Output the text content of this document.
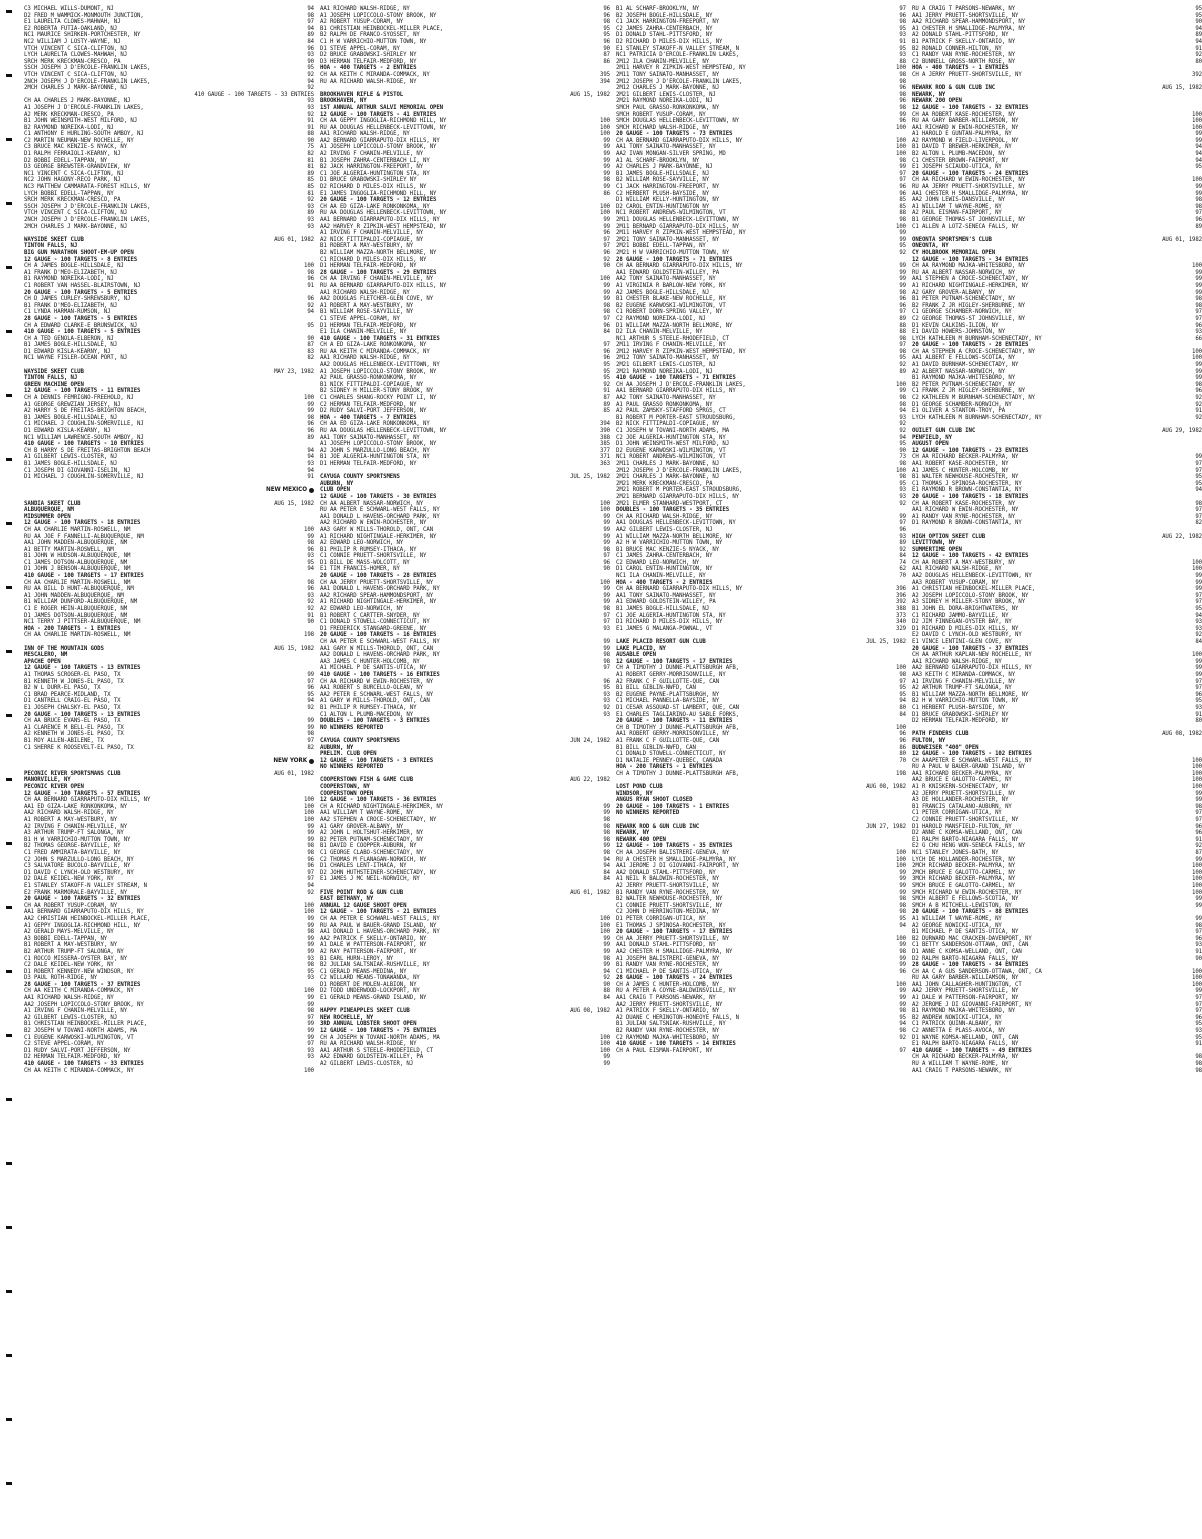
C3 MICHAEL WILLS-DUMONT, NJ	94
D2 FRED M WAMMICK-MONMOUTH JUNCTION,	98
E1 LAURELTA CLOWES-MAHWAH, NJ	97
E2 ROBERTA FUTIA-OAKLAND, NJ	94
NC1 MAURICE SHIRKEN-PORTCHESTER, NY	89
NC2 WILLIAM J LOSTY-WAYNE, NJ	84
VTCH VINCENT C SICA-CLIFTON, NJ	96
LYCH LAURELTA CLOWES-MAHWAH, NJ	93
SRCH MERK KRECKMAN-CRESCO, PA	90
SSCH JOSEPH J D'ERCOLE-FRANKLIN LAKES,	95
VTCH VINCENT C SICA-CLIFTON, NJ	92
2NCH JOSEPH J D'ERCOLE-FRANKLIN LAKES,	94
2MCH CHARLES J MARK-BAYONNE, NJ	92
410 GAUGE - 100 TARGETS - 33 ENTRIES
CH AA CHARLES J MARK-BAYONNE, NJ	93
A1 JOSEPH J D'ERCOLE-FRANKLIN LAKES,	93
A2 MERK KRECKMAN-CRESCO, PA	92
B1 JOHN WEINSMITH-WEST MILFORD, NJ	91
B2 RAYMOND NOREIKA-LODI, NJ	91
C1 ANTHONY E HURLING-SOUTH AMBOY, NJ	88
C2 MARTIN NEUMAN-NEW ROCHELLE, NY	90
C3 BRUCE MAC KENZIE-S NYACK, NY	75
D1 RALPH FERRAIOLI-KEARNY, NJ	82
D2 BOBBI EDELL-TAPPAN, NY	81
D3 GEORGE BREWSTER-GRANDVIEW, NY	81
NC1 VINCENT C SICA-CLIFTON, NJ	89
NC2 JOHN HAGONY-RECO PARK, NJ	85
NC3 MATTHEW CAMMARATA-FOREST HILLS, NY	85
LYCH BOBBI EDELL-TAPPAN, NY	81
SRCH MERK KRECKMAN-CRESCO, PA	92
SSCH JOSEPH J D'ERCOLE-FRANKLIN LAKES,	93
VTCH VINCENT C SICA-CLIFTON, NJ	89
2NCH JOSEPH J D'ERCOLE-FRANKLIN LAKES,	93
2MCH CHARLES J MARK-BAYONNE, NJ	93
WAYSIDE SKEET CLUB	AUG 01, 1982
TINTON FALLS, NJ
BIG GUN MARATHON SHOOT-EM-UP OPEN
12 GAUGE - 100 TARGETS - 8 ENTRIES
CH A JAMES BOGLE-HILLSDALE, NJ	100
A1 FRANK D'MEO-ELIZABETH, NJ	98
B1 RAYMOND NOREIKA-LODI, NJ	96
C1 ROBERT VAN HASSEL-BLAIRSTOWN, NJ	91
20 GAUGE - 100 TARGETS - 5 ENTRIES
CH D JAMES CURLEY-SHREWSBURY, NJ	96
B1 FRANK D'MEO-ELIZABETH, NJ	92
C1 LYNDA HARMAN-RUMSON, NJ	94
28 GAUGE - 100 TARGETS - 5 ENTRIES
CH A EDWARD CLARKE-E BRUNSWICK, NJ	95
410 GAUGE - 100 TARGETS - 5 ENTRIES
CH A TED GENOLA-ELBERON, NJ	90
B1 JAMES BOGLE-HILLSDALE, NJ	87
D1 EDWARD KISLA-KEARNY, NJ	83
NC1 WAYNE FISLER-OCEAN PORT, NJ	82
WAYSIDE SKEET CLUB	MAY 23, 1982
TINTON FALLS, NJ
GREEN MACHINE OPEN
12 GAUGE - 100 TARGETS - 11 ENTRIES
CH A DENNIS FEMRIGNO-FREEHOLD, NJ	100
A1 GEORGE GREWZIAN JERSEY, NJ	99
A2 HARRY S DE FREITAS-BRIGHTON BEACH,	99
B1 JAMES BOGLE-HILLSDALE, NJ	98
C1 MICHAEL J COUGHLIN-SOMERVILLE, NJ	96
D1 EDWARD KISLA-KEARNY, NJ	96
NC1 WILLIAM LAWRENCE-SOUTH AMBOY, NJ	89
410 GAUGE - 100 TARGETS - 10 ENTRIES
CH B HARRY S DE FREITAS-BRIGHTON BEACH	94
A1 GILBERT LEWIS-CLOSTER, NJ	94
B1 JAMES BOGLE-HILLSDALE, NJ	93
C1 JOSEPH DI GIOVANNI-ISELIN, NJ	94
D1 MICHAEL J COUGHLIN-SOMERVILLE, NJ	91
NEW MEXICO
SANDIA SKEET CLUB	AUG 15, 1982
ALBUQUERQUE, NM
MIDSUMMER OPEN
12 GAUGE - 100 TARGETS - 18 ENTRIES
CH AA CHARLIE MARTIN-ROSWELL, NM	100
RU AA JOE F FANNELLI-ALBUQUERQUE, NM	99
AA1 JOHN MADDEN-ALBUQUERQUE, NM	98
A1 BETTY MARTIN-ROSWELL, NM	96
B1 JOHN W HUDSON-ALBUQUERQUE, NM	93
C1 JAMES DOTSON-ALBUQUERQUE, NM	95
D1 JOHN J BENSON-ALBUQUERQUE, NM	94
410 GAUGE - 100 TARGETS - 17 ENTRIES
CH AA CHARLIE MARTIN-ROSWELL, NM	98
RU AA BILL D HUNT-ALBUQUERQUE, NM	96
A1 JOHN MADDEN-ALBUQUERQUE, NM	93
B1 WILLIAM DUNFORD-ALBUQUERQUE, NM	92
C1 E ROGER HEIN-ALBUQUERQUE, NM	92
D1 JAMES DOTSON-ALBUQUERQUE, NM	91
NC1 TERRY J PITTSER-ALBUQUERQUE, NM	90
HOA - 200 TARGETS - 1 ENTRIES
CH AA CHARLIE MARTIN-ROSWELL, NM	198
INN OF THE MOUNTAIN GODS	AUG 15, 1982
MESCALERO, NM
APACHE OPEN
12 GAUGE - 100 TARGETS - 13 ENTRIES
A1 THOMAS SCROGER-EL PASO, TX	99
B1 KENNETH W JONES-EL PASO, TX	97
B2 W L DURR-EL PASO, TX	96
C1 BRAD PEARCE-MIDLAND, TX	95
D1 CANTRELL CRAIG-EL PASO, TX	94
E1 JOSEPH CHALSKY-EL PASO, TX	92
20 GAUGE - 100 TARGETS - 13 ENTRIES
CH AA BRUCE EVANS-EL PASO, TX	99
A1 CLARENCE M BELL-EL PASO, TX	99
A2 KENNETH W JONES-EL PASO, TX	98
B1 ROY ALLEN-ABILENE, TX	97
C1 SHERRE K ROOSEVELT-EL PASO, TX	82
NEW YORK
PECONIC RIVER SPORTSMANS CLUB	AUG 01, 1982
MANORVILLE, NY
PECONIC RIVER OPEN
12 GAUGE - 100 TARGETS - 57 ENTRIES
CH AA BERNARD GIARRAPUTO-DIX HILLS, NY	100
AA1 ED GIZA-LAKE RONKONKOMA, NY	100
AA2 RICHARD WALSH-RIDGE, NY	100
A1 ROBERT A MAY-WESTBURY, NY	100
A2 IRVING F CHANIN-MELVILLE, NY	99
A3 ARTHUR TRUMP-FT SALONGA, NY	99
B1 H W VARRICHIO-MUTTON TOWN, NY	99
B2 THOMAS GEORGE-BAYVILLE, NY	98
C1 FRED AMMIRATA-BAYVILLE, NY	98
C2 JOHN S MARZULLO-LONG BEACH, NY	96
C3 SALVATORE BUCOLO-BAYVILLE, NY	96
D1 DAVID C LYNCH-OLD WESTBURY, NY	97
D2 DALE KEIDEL-NEW YORK, NY	97
E1 STANLEY STAKOFF-N VALLEY STREAM, N	94
E2 FRANK MARMORALE-BAYVILLE, NY	92
20 GAUGE - 100 TARGETS - 32 ENTRIES
CH AA ROBERT YUSUP-CORAM, NY	100
AA1 BERNARD GIARRAPUTO-DIX HILLS, NY	100
AA2 CHRISTIAN HEINBOCKEL-MILLER PLACE,	99
A1 GEPPY INGOGLIA-RICHMOND HILL, NY	99
A2 GERALD MAYS-MELVILLE, NY	98
A3 BOBBI EDELL-TAPPAN, NY	99
B1 ROBERT A MAY-WESTBURY, NY	99
B2 ARTHUR TRUMP-FT SALONGA, NY	99
C1 ROCCO MISSERA-OYSTER BAY, NY	93
C2 DALE KEIDEL-NEW YORK, NY	98
D1 ROBERT KENNEDY-NEW WINDSOR, NY	95
D3 PAUL ROTH-RIDGE, NY	93
28 GAUGE - 100 TARGETS - 37 ENTRIES
CH AA KEITH C MIRANDA-COMMACK, NY	100
AA1 RICHARD WALSH-RIDGE, NY	99
AA2 JOSEPH LOPICCOLO-STONY BROOK, NY	99
A1 IRVING F CHANIN-MELVILLE, NY	98
A2 GILBERT LEWIS-CLOSTER, NJ	97
B1 CHRISTIAN HEINBOCKEL-MILLER PLACE,	99
B2 JOSEPH W TOVANI-NORTH ADAMS, MA	99
C1 EUGENE KARWOSKI-WILMINGTON, VT	99
C2 STEVE APPEL-CORAM, NY	97
D1 RUDY SALVI-PORT JEFFERSON, NY	93
D2 HERMAN TELFAIR-MEDFORD, NY	93
410 GAUGE - 100 TARGETS - 33 ENTRIES
CH AA KEITH C MIRANDA-COMMACK, NY	100
AA1 RICHARD WALSH-RIDGE, NY	96
A1 JOSEPH LOPICCOLO-STONY BROOK, NY	96
A2 ROBERT YUSUP-CORAM, NY	98
B1 CHRISTIAN HEINBOCKEL-MILLER PLACE,	95
B2 RALPH DE FRANCO-SYOSSET, NY	95
C1 H W VARRICHIO-MUTTON TOWN, NY	96
D1 STEVE APPEL-CORAM, NY	90
D2 BRUCE GRABOWSKI-SHIRLEY NY	87
D3 HERMAN TELFAIR-MEDFORD, NY	86
HOA - 400 TARGETS - 2 ENTRIES
CH AA KEITH C MIRANDA-COMMACK, NY	395
RU AA RICHARD WALSH-RIDGE, NY	394
BROOKHAVEN RIFLE & PISTOL	AUG 15, 1982
BROOKHAVEN, NY
1ST ANNUAL ARTHUR SALVI MEMORIAL OPEN
12 GAUGE - 100 TARGETS - 41 ENTRIES
CH AA GEPPY INGOGLIA-RICHMOND HILL, NY	100
RU AA DOUGLAS HELLENBECK-LEVITTOWN, NY	100
AA1 RICHARD WALSH-RIDGE, NY	100
AA2 BERNARD GIARRAPUTO-DIX HILLS, NY	99
A1 JOSEPH LOPICCOLO-STONY BROOK, NY	99
A2 IRVING F CHANIN-MELVILLE, NY	99
B1 JOSEPH ZAHRA-CENTERBACH LI, NY	99
B2 JACK HARRINGTON-FREEPORT, NY	99
C1 JOE ALGERIA-HUNTINGTON STA, NY	99
D1 BRUCE GRABOWSKI-SHIRLEY NY	98
D2 RICHARD D MILES-DIX HILLS, NY	99
E1 JAMES INGOGLIA-RICHMOND HILL, NY	86
20 GAUGE - 100 TARGETS - 12 ENTRIES
CH AA ED GIZA-LAKE RONKONKOMA, NY	100
RU AA DOUGLAS HELLENBECK-LEVITTOWN, NY	100
AA1 BERNARD GIARRAPUTO-DIX HILLS, NY	99
AA2 HARVEY R ZIPKIN-WEST HEMPSTEAD, NY	99
A1 IRVING F CHANIN-MELVILLE, NY	96
A2 NICK FITTIPALDI-COPIAGUE, NY	97
B1 ROBERT A MAY-WESTBURY, NY	97
B2 WILLIAM MAZZA-NORTH BELLMORE, NY	96
C1 RICHARD D MILES-DIX HILLS, NY	92
D1 HERMAN TELFAIR-MEDFORD, NY	90
28 GAUGE - 100 TARGETS - 29 ENTRIES
CH AA IRVING F CHANIN-MELVILLE, NY	100
RU AA BERNARD GIARRAPUTO-DIX HILLS, NY	99
AA1 RICHARD WALSH-RIDGE, NY	99
AA2 DOUGLAS FLETCHER-GLEN COVE, NY	99
A1 ROBERT A MAY-WESTBURY, NY	98
B1 WILLIAM ROSE-SAYVILLE, NY	98
C1 STEVE APPEL-CORAM, NY	97
D1 HERMAN TELFAIR-MEDFORD, NY	96
E1 ILA CHANIN-MELVILLE, NY	84
410 GAUGE - 100 TARGETS - 31 ENTRIES
CH A ED GIZA-LAKE RONKONKOMA, NY	97
RU AA KEITH C MIRANDA-COMMACK, NY	96
AA1 RICHARD WALSH-RIDGE, NY	96
AA2 DOUGLAS HELLENBECK-LEVITTOWN, NY	95
A1 JOSEPH LOPICCOLO-STONY BROOK, NY	95
A2 PAUL GRASSO-RONKONKOMA, NY	95
B1 NICK FITTIPALDI-COPIAGUE, NY	92
B2 SIDNEY H MILLER-STONY BROOK, NY	91
C1 CHARLES SHANG-ROCKY POINT LI, NY	87
C2 HERMAN TELFAIR-MEDFORD, NY	89
D2 RUDY SALVI-PORT JEFFERSON, NY	85
HOA - 400 TARGETS - 7 ENTRIES
CH AA ED GIZA-LAKE RONKONKOMA, NY	394
RU AA DOUGLAS HELLENBECK-LEVITTOWN, NY	390
AA1 TONY SAINATO-MANHASSET, NY	388
A1 JOSEPH LOPICCOLO-STONY BROOK, NY	385
A2 JOHN S MARZULLO-LONG BEACH, NY	377
B1 JOE ALGERIA-HUNTINGTON STA, NY	371
D1 HERMAN TELFAIR-MEDFORD, NY	363
CAYUGA COUNTY SPORTSMENS	JUL 25, 1982
AUBURN, NY
CLUB OPEN
12 GAUGE - 100 TARGETS - 30 ENTRIES
CH AA ALBERT NASSAR-NORWICH, NY	100
RU AA PETER E SCHWARL-WEST FALLS, NY	100
AA1 DONALD L HAVENS-ORCHARD PARK, NY	99
AA2 RICHARD W EWIN-ROCHESTER, NY	99
AA3 GARY W MILLS-THOROLD, ONT, CAN	99
A1 RICHARD NIGHTINGALE-HERKIMER, NY	99
A2 EDWARD LEO-NORWICH, NY	99
B1 PHILIP R RUMSEY-ITHACA, NY	98
C1 CONNIE PRUETT-SHORTSVILLE, NY	97
D1 BILL DE MASS-WOLCOTT, NY	96
E1 TIM FRANCIS-HOMER, NY	90
20 GAUGE - 100 TARGETS - 28 ENTRIES
CH AA JERRY PRUETT-SHORTSVILLE, NY	100
AA1 DONALD L HAVENS-ORCHARD PARK, NY	99
AA2 RICHARD SPEAR-HAMMONDSPORT, NY	99
A1 RICHARD NIGHTINGALE-HERKIMER, NY	99
A2 EDWARD LEO-NORWICH, NY	98
B1 ROBERT C CARTTER-SNYDER, NY	97
C1 DONALD STOWELL-CONNECTICUT, NY	97
D1 FREDERICK STANGARD-GREENE, NY	93
20 GAUGE - 100 TARGETS - 16 ENTRIES
CH AA PETER E SCHWARL-WEST FALLS, NY	99
AA1 GARY W MILLS-THOROLD, ONT, CAN	99
AA2 DONALD L HAVENS-ORCHARD PARK, NY	98
AA3 JAMES C HUNTER-HOLCOMB, NY	98
A1 MICHAEL P DE SANTIS-UTICA, NY	97
410 GAUGE - 100 TARGETS - 16 ENTRIES
CH AA RICHARD W EWIN-ROCHESTER, NY	96
AA1 ROBERT S BURCELLO-OLEAN, NY	95
AA2 PETER E SCHWARL-WEST FALLS, NY	93
A1 GARY W MILLS-THOROLD, ONT, CAN	93
B1 PHILIP R RUMSEY-ITHACA, NY	92
C1 ALTON L PLUMB-MACEDON, NY	93
DOUBLES - 100 TARGETS - 3 ENTRIES
NO WINNERS REPORTED
CAYUGA COUNTY SPORTSMENS	JUN 24, 1982
AUBURN, NY
PRELIM. CLUB OPEN
12 GAUGE - 100 TARGETS - 3 ENTRIES
NO WINNERS REPORTED
COOPERSTOWN FISH & GAME CLUB	AUG 22, 1982
COOPERSTOWN, NY
COOPERSTOWN OPEN
12 GAUGE - 100 TARGETS - 36 ENTRIES
CH A RICHARD NIGHTINGALE-HERKIMER, NY	99
AA1 WILLIAM T WAYNE-ROME, NY	99
AA2 STEPHEN A CROCE-SCHENECTADY, NY	98
A1 GARY GROVER-ALBANY, NY	98
A2 JOHN L HOLTSHUT-HERKIMER, NY	98
B2 PETER PUTNAM-SCHENECTADY, NY	98
B1 DAVID E COOPPER-AUBURN, NY	99
C1 GEORGE CLABO-SCHENECTADY, NY	98
C2 THOMAS M FLANAGAN-NORWICH, NY	94
D1 CHARLES LENT-ITHACA, NY	94
D2 JOHN HUTHSTEINER-SCHENECTADY, NY	84
E1 JAMES J MC NEIL-NORWICH, NY	84
FIVE POINT ROD & GUN CLUB	AUG 01, 1982
EAST BETHANY, NY
ANNUAL 12 GAUGE SHOOT OPEN
12 GAUGE - 100 TARGETS - 21 ENTRIES
CH AA PETER E SCHWARL-WEST FALLS, NY	100
RU AA PAUL W BAUER-GRAND ISLAND, NY	100
AA1 DONALD L HAVENS-ORCHARD PARK, NY	100
AA2 PATRICK F SKELLY-ONTARIO, NY	99
A1 DALE W PATTERSON-FAIRPORT, NY	99
A2 RAY PATTERSON-FAIRPORT, NY	99
B1 EARL HURN-LEROY, NY	98
B2 JULIAN SALTSNIAK-RUSHVILLE, NY	99
C1 GERALD MEANS-MEDINA, NY	94
C2 WILLARD MEANS-TONAWANDA, NY	92
D1 ROBERT DE MOLEN-ALBION, NY	90
D2 TODD UNDERWOOD-LOCKPORT, NY	88
E1 GERALD MEANS-GRAND ISLAND, NY	84
HAPPY PINEAPPLES SKEET CLUB	AUG 08, 1982
NEW ROCHELLE, NY
3RD ANNUAL LOBSTER SHOOT OPEN
12 GAUGE - 100 TARGETS - 75 ENTRIES
CH A JOSEPH W TOVANI-NORTH ADAMS, MA	100
RU AA RICHARD WALSH-RIDGE, NY	100
AA1 ARTHUR S STEELE-RHODEFIELD, CT	100
AA2 EDWARD GOLDSTEIN-WILLEY, PA	99
A2 GILBERT LEWIS-CLOSTER, NJ	99
B1 AL SCHARF-BROOKLYN, NY	97
B2 JOSEPH BOGLE-HILLSDALE, NY	96
C1 JACK HARRINGTON-FREEPORT, NY	98
C2 JAMES ZAHRA-CENTERBACH, NY	95
D1 DONALD STAHL-PITTSFORD, NY	93
D2 RICHARD D MILES-DIX HILLS, NY	91
E1 STANLEY STAKOFF-N VALLEY STREAM, N	95
NC1 PATRICIA D'ERCOLE-FRANKLIN LAKES,	93
2M12 ILA CHANIN-MELVILLE, NY	88
2M11 HARVEY R ZIPKIN-WEST HEMPSTEAD, NY	100
2M11 TONY SAINATO-MANHASSET, NY	98
2M12 JOSEPH J D'ERCOLE-FRANKLIN LAKES,	98
2M12 CHARLES J MARK-BAYONNE, NJ	96
2M21 GILBERT LEWIS-CLOSTER, NJ	98
2M21 RAYMOND NOREIKA-LODI, NJ	96
SMCH PAUL GRASSO-RONKONKOMA, NY	98
SMCH ROBERT YUSUP-CORAM, NY	99
SMCH DOUGLAS HELLENBECK-LEVITTOWN, NY	96
SMCH RICHARD WALSH-RIDGE, NY	100
20 GAUGE - 100 TARGETS - 73 ENTRIES
CH AA BERNARD GIARRAPUTO-DIX HILLS, NY	100
AA1 TONY SAINATO-MANHASSET, NY	100
AA2 IVAN MONGAN-SILVER SPRING, MD	100
A1 AL SCHARF-BROOKLYN, NY	98
A2 CHARLES J MARK-BAYONNE, NJ	99
B1 JAMES BOGLE-HILLSDALE, NJ	97
B2 WILLIAM ROSE-SAYVILLE, NY	97
C1 JACK HARRINGTON-FREEPORT, NY	96
C2 HERBERT PLUSH-BAYSIDE, NY	96
D1 WILLIAM KELLY-HUNTINGTON, NY	85
D2 CAROL ENTIN-HUNTINGTON NY	85
NC1 ROBERT ANDREWS-WILMINGTON, VT	88
2M11 DOUGLAS HELLENBECK-LEVITTOWN, NY	98
2M11 BERNARD GIARRAPUTO-DIX HILLS, NY	100
2M11 HARVEY R ZIPKIN-WEST HEMPSTEAD, NY	99
2M21 TONY SAINATO-MANHASSET, NY	99
2M21 BOBBI EDELL-TAPPAN, NY	95
2M21 H W VARRICHIO-MUTTON TOWN, NY	92
28 GAUGE - 100 TARGETS - 71 ENTRIES
CH AA BERNARD GIARRAPUTO-DIX HILLS, NY	99
AA1 EDWARD GOLDSTEIN-WILLEY, PA	99
AA2 TONY SAINATO-MANHASSET, NY	99
A1 VIRGINIA R BARLOW-NEW YORK, NY	99
A2 JAMES BOGLE-HILLSDALE, NJ	98
B1 CHESTER BLAKE-NEW ROCHELLE, NY	96
B2 EUGENE KARWOSKI-WILMINGTON, VT	96
C1 ROBERT DORN-SPRING VALLEY, NY	97
C2 RAYMOND NOREIKA-LODI, NJ	89
D1 WILLIAM MAZZA-NORTH BELLMORE, NY	88
D2 ILA CHANIN-MELVILLE, NY	88
NC1 ARTHUR S STEELE-RHODEFIELD, CT	98
2M11 IRVING F CHANIN-MELVILLE, NY	97
2M12 HARVEY R ZIPKIN-WEST HEMPSTEAD, NY	98
2M12 TONY SAINATO-MANHASSET, NY	95
2M21 GILBERT LEWIS-CLOSTER, NJ	92
2M21 RAYMOND NOREIKA-LODI, NJ	89
410 GAUGE - 100 TARGETS - 71 ENTRIES
CH AA JOSEPH J D'ERCOLE-FRANKLIN LAKES,	100
AA1 BERNARD GIARRAPUTO-DIX HILLS, NY	99
AA2 TONY SAINATO-MANHASSET, NY	98
A1 PAUL GRASSO RONKONKOMA, NY	98
A2 PAUL ZAMSKY-STAFFORD SPRGS, CT	94
B1 ROBERT M PORTER-EAST STROUDSBURG,	93
B2 NICK FITTIPALDI-COPIAGUE, NY	92
C1 JOSEPH W TOVANI-NORTH ADAMS, MA	92
C2 JOE ALGERIA-HUNTINGTON STA, NY	94
D1 JOHN WEINSMITH-WEST MILFORD, NJ	95
D2 EUGENE KARWOSKI-WILMINGTON, VT	90
NC1 ROBERT ANDREWS-WILMINGTON, VT	73
2M11 CHARLES J MARK-BAYONNE, NJ	98
2M12 JOSEPH J D'ERCOLE-FRANKLIN LAKES,	100
2M21 CHARLES J MARK-BAYONNE, NJ	98
2M21 MERK KRECKMAN-CRESCO, PA	95
2M21 ROBERT M PORTER-EAST STROUDSBURG,	93
2M21 BERNARD GIARRAPUTO-DIX HILLS, NY	93
2M21 ELMER STANHARD-WESTPORT, CT	92
DOUBLES - 100 TARGETS - 35 ENTRIES
CH AA RICHARD WALSH-RIDGE, NY	99
AA1 DOUGLAS HELLENBECK-LEVITTOWN, NY	97
AA2 GILBERT LEWIS-CLOSTER, NJ	96
A1 WILLIAM MAZZA-NORTH BELLMORE, NY	93
A2 H W VARRICHIO-MUTTON TOWN, NY	89
B1 BRUCE MAC KENZIE-S NYACK, NY	92
C1 JAMES ZAHRA-CENTERBACH, NY	84
C2 EDWARD LEO-NORWICH, NY	74
D1 CAROL ENTIN-HUNTINGTON, NY	62
NC1 ILA CHANIN-MELVILLE, NY	70
HOA - 400 TARGETS - 2 ENTRIES
CH AA BERNARD GIARRAPUTO-DIX HILLS, NY	396
AA1 TONY SAINATO-MANHASSET, NY	396
A1 EDWARD GOLDSTEIN-WILLEY, PA	392
B1 JAMES BOGLE-HILLSDALE, NJ	388
C1 JOE ALGERIA-HUNTINGTON STA, NY	373
D1 RICHARD D MILES-DIX HILLS, NY	340
E1 JAMES G MALANGA-POWNAL, VT	329
LAKE PLACID RESORT GUN CLUB	JUL 25, 1982
LAKE PLACID, NY
AUSABLE OPEN
12 GAUGE - 100 TARGETS - 17 ENTRIES
CH A TIMOTHY J DUNNE-PLATTSBURGH AFB,	100
A1 ROBERT GERRY-MORRISONVILLE, NY	98
A2 FRANK C F GUILLOTTE-QUE, CAN	97
B1 BILL GIBLIN-NWFD, CAN	95
B2 EUGENE PAYNE-PLATTSBURGH, NY	95
C1 MICHAEL PANNELLA-BAYSIDE, NY	94
D1 CESAR ASSOUAD-ST LAMBERT, QUE, CAN	80
E1 CHARLES TAGLIARINO-AU SABLE FORKS,	84
20 GAUGE - 100 TARGETS - 11 ENTRIES
CH B TIMOTHY J DUNNE-PLATTSBURGH AFB,	100
AA1 ROBERT GERRY-MORRISONVILLE, NY	96
A1 FRANK C F GUILLOTTE-QUE, CAN	96
B1 BILL GIBLIN-NWFD, CAN	86
C1 DONALD STOWELL-CONNECTICUT, NY	80
D1 NATALIE PENNEY-QUEBEC, CANADA	70
HOA - 200 TARGETS - 1 ENTRIES
CH A TIMOTHY J DUNNE-PLATTSBURGH AFB,	198
LOST POND CLUB	AUG 08, 1982
WINDSOR, NY
ANGUS RYAN SHOOT CLOSED
20 GAUGE - 100 TARGETS - 1 ENTRIES
NO WINNERS REPORTED
NEWARK ROD & GUN CLUB INC	JUN 27, 1982
NEWARK, NY
NEWARK 400 OPEN
12 GAUGE - 100 TARGETS - 35 ENTRIES
CH AA JOSEPH BALISTRERI-GENEVA, NY	100
RU A CHESTER H SMALLIDGE-PALMYRA, NY	100
AA1 JEROME J DI GIOVANNI-FAIRPORT, NY	100
AA2 DONALD STAHL-PITTSFORD, NY	99
A1 NEIL R BALDWIN-ROCHESTER, NY	99
A2 JERRY PRUETT-SHORTSVILLE, NY	99
B1 RANDY VAN RYNE-ROCHESTER, NY	99
B2 WALTER NEWHOUSE-ROCHESTER, NY	98
C1 CONNIE PRUETT-SHORTSVILLE, NY	98
C2 JOHN D HERRINGTON-MEDINA, NY	98
D1 PETER CORRIGAN-UTICA, NY	95
E1 THOMAS J SPINOSA-ROCHESTER, NY	94
20 GAUGE - 100 TARGETS - 17 ENTRIES
CH AA JERRY PRUETT-SHORTSVILLE, NY	100
AA1 DONALD STAHL-PITTSFORD, NY	99
AA2 CHESTER H SMALLIDGE-PALMYRA, NY	98
A1 JOSEPH BALISTRERI-GENEVA, NY	99
B1 RANDY VAN RYNE-ROCHESTER, NY	99
C1 MICHAEL P DE SANTIS-UTICA, NY	96
28 GAUGE - 100 TARGETS - 24 ENTRIES
CH A JAMES C HUNTER-HOLCOMB, NY	100
RU A PETER A COYNE-BALDWINSVILLE, NY	99
AA1 CRAIG T PARSONS-NEWARK, NY	99
AA2 JERRY PRUETT-SHORTSVILLE, NY	99
A1 PATRICK F SKELLY-ONTARIO, NY	98
A2 DUANE C HERINGTON-HONEOYE FALLS, N	95
B1 JULIAN SALTSNIAK-RUSHVILLE, NY	94
B2 RANDY VAN RYNE-ROCHESTER, NY	98
C2 RAYMOND MAJKA-WHITESBORO, NY	92
410 GAUGE - 100 TARGETS - 14 ENTRIES
CH A PAUL EISMAN-FAIRPORT, NY	97
RU A CRAIG T PARSONS-NEWARK, NY	95
AA1 JERRY PRUETT-SHORTSVILLE, NY	95
AA2 RICHARD SPEAR-HAMMONDSPORT, NY	90
A1 CHESTER H SMALLIDGE-PALMYRA, NY	94
A2 DONALD STAHL-PITTSFORD, NY	89
B1 PATRICK F SKELLY-ONTARIO, NY	94
B2 RONALD CONNER-HILTON, NY	91
C1 RANDY VAN RYNE-ROCHESTER, NY	92
C2 BUNNELL GROSS-NORTH ROSE, NY	80
HOA - 400 TARGETS - 1 ENTRIES
CH A JERRY PRUETT-SHORTSVILLE, NY	392
NEWARK ROD & GUN CLUB INC	AUG 15, 1982
NEWARK, NY
NEWARK 200 OPEN
12 GAUGE - 100 TARGETS - 32 ENTRIES
CH AA ROBERT KASE-ROCHESTER, NY	100
RU AA GARY BARBER-WILLIAMSON, NY	100
AA1 RICHARD W EWIN-ROCHESTER, NY	100
A1 HAROLD E GUNTAN-PALMYRA, NY	99
A2 RAYMOND W FIELD-LIVERPOOL, NY	99
B1 DAVID T BREWER-HERKIMER, NY	94
B2 ALTON L PLUMB-MACEDON, NY	94
C1 CHESTER BROWN-FAIRPORT, NY	94
E1 JOSEPH SCIAUDO-UTICA, NY	95
20 GAUGE - 100 TARGETS - 24 ENTRIES
CH AA RICHARD W EWIN-ROCHESTER, NY	100
RU AA JERRY PRUETT-SHORTSVILLE, NY	99
AA1 CHESTER H SMALLIDGE-PALMYRA, NY	99
AA2 JOHN LEWIS-DANSVILLE, NY	98
A1 WILLIAM T WAYNE-ROME, NY	98
A2 PAUL EISMAN-FAIRPORT, NY	97
B1 GEORGE THOMAS-ST JOHNSVILLE, NY	96
C1 ALLEN A LOTZ-SENECA FALLS, NY	89
ONEONTA SPORTSMEN'S CLUB	AUG 01, 1982
ONEONTA, NY
CY HOLBROOK MEMORIAL OPEN
12 GAUGE - 100 TARGETS - 34 ENTRIES
CH AA RAYMOND MAJKA-WHITESBORO, NY	100
RU AA ALBERT NASSAR-NORWICH, NY	99
AA1 STEPHEN A CROCE-SCHENECTADY, NY	99
A1 RICHARD NIGHTINGALE-HERKIMER, NY	99
A2 GARY GROVER-ALBANY, NY	99
B1 PETER PUTNAM-SCHENECTADY, NY	98
B2 FRANK Z JR HIGLEY-SHERBURNE, NY	98
C1 GEORGE SCHAMBER-NORWICH, NY	97
C2 GEORGE THOMAS-ST JOHNSVILLE, NY	97
D1 KEVIN CALKINS-ILION, NY	96
E1 DAVID HOWERS-JOHNSTON, NY	93
LYCH KATHLEEN M BURNHAM-SCHENECTADY, NY	66
20 GAUGE - 100 TARGETS - 28 ENTRIES
CH AA STEPHEN A CROCE-SCHENECTADY, NY	100
AA1 ALBERT E FELLOWS-SCOTIA, NY	100
A1 DAVID BURNHAM-SCHENECTADY, NY	99
A2 ALBERT NASSAR-NORWICH, NY	99
B1 RAYMOND MAJKA-WHITESBORO, NY	99
B2 PETER PUTNAM-SCHENECTADY, NY	98
C1 FRANK Z JR HIGLEY-SHERBURNE, NY	96
C2 KATHLEEN M BURNHAM-SCHENECTADY, NY	92
D1 GEORGE SCHAMBER-NORWICH, NY	92
E1 OLIVER A STANTON-TROY, PA	91
LYCH KATHLEEN M BURNHAM-SCHENECTADY, NY	92
OUILET GUN CLUB INC	AUG 29, 1982
PENFIELD, NY
AUGUST OPEN
12 GAUGE - 100 TARGETS - 23 ENTRIES
CH AA RICHARD BECKER-PALMYRA, NY	99
AA1 ROBERT KASE-ROCHESTER, NY	97
A1 JAMES C HUNTER-HOLCOMB, NY	97
B1 WALTER NEWHOUSE-ROCHESTER, NY	95
C1 THOMAS J SPINOSA-ROCHESTER, NY	95
E1 RAYMOND R BROWN-CONSTANTIA, NY	94
20 GAUGE - 100 TARGETS - 18 ENTRIES
CH AA ROBERT KASE-ROCHESTER, NY	98
AA1 RICHARD W EWIN-ROCHESTER, NY	97
A1 RANDY VAN RYNE-ROCHESTER, NY	97
D1 RAYMOND R BROWN-CONSTANTIA, NY	82
HIGH OPTION SKEET CLUB	AUG 22, 1982
LEVITTOWN, NY
SUMMERTIME OPEN
12 GAUGE - 100 TARGETS - 42 ENTRIES
CH AA ROBERT A MAY-WESTBURY, NY	100
AA1 RICHARD WALSH-RIDGE, NY	100
AA2 DOUGLAS HELLENBECK-LEVITTOWN, NY	99
AA3 ROBERT YUSUP-CORAM, NY	99
A1 CHRISTIAN HEINBOCKEL-MILLER PLACE,	99
A2 JOSEPH LOPICCOLO-STONY BROOK, NY	97
A3 SIDNEY H MILLER-STONY BROOK, NY	97
B1 JOHN EL DORA-BRIGHTWATERS, NY	95
C1 RICHARD JAMMO-BAYVILLE, NY	94
D2 JIM FINNEGAN-OYSTER BAY, NY	93
D1 RICHARD D MILES-DIX HILLS, NY	93
E2 DAVID C LYNCH-OLD WESTBURY, NY	92
E1 VINCE LENTINI-GLEN COVE, NY	84
20 GAUGE - 100 TARGETS - 37 ENTRIES
CH AA ARTHUR KAPLAN-NEW ROCHELLE, NY	100
AA1 RICHARD WALSH-RIDGE, NY	99
AA2 BERNARD GIARRAPUTO-DIX HILLS, NY	99
AA3 KEITH C MIRANDA-COMMACK, NY	99
A1 IRVING F CHANIN-MELVILLE, NY	97
A2 ARTHUR TRUMP-FT SALONGA, NY	97
B1 WILLIAM MAZZA-NORTH BELLMORE, NY	96
B2 H W VARRICHIO-MUTTON TOWN, NY	95
C1 HERBERT PLUSH-BAYSIDE, NY	93
D1 BRUCE GRABOWSKI-SHIRLEY NY	91
D2 HERMAN TELFAIR-MEDFORD, NY	80
PATH FINDERS CLUB	AUG 08, 1982
FULTON, NY
BUDWEISER "400" OPEN
12 GAUGE - 100 TARGETS - 102 ENTRIES
CH AAAPETER E SCHWARL-WEST FALLS, NY	100
RU A PAUL W BAUER-GRAND ISLAND, NY	100
AA1 RICHARD BECKER-PALMYRA, NY	100
AA2 BRUCE E GALOTTO-CARMEL, NY	100
A1 R KNISKERN-SCHENECTADY, NY	100
A2 JERRY PRUETT-SHORTSVILLE, NY	99
A3 DE HOLLANDER-ROCHESTER, NY	99
B1 FRANCIS CATALANO-AUBURN, NY	98
C1 PETER CORRIGAN-UTICA, NY	97
C2 CONNIE PRUETT-SHORTSVILLE, NY	97
D1 HAROLD MANSFIELD-FULTON, NY	96
D2 ANNE C KOMSA-WELLAND, ONT, CAN	96
E1 RALPH BARTO-NIAGARA FALLS, NY	91
E2 G CHU HENG WON-SENECA FALLS, NY	92
NC1 STANLEY JONES-BATH, NY	87
LYCH DE HOLLANDER-ROCHESTER, NY	99
2MCH RICHARD BECKER-PALMYRA, NY	100
2MCH BRUCE E GALOTTO-CARMEL, NY	100
3MCH RICHARD BECKER-PALMYRA, NY	100
SMCH BRUCE E GALOTTO-CARMEL, NY	100
SMCH RICHARD W EWIN-ROCHESTER, NY	100
SMCH ALBERT E FELLOWS-SCOTIA, NY	99
SMCH A B MITCHELL-LEWISTON, NY	99
20 GAUGE - 100 TARGETS - 88 ENTRIES
A1 WILLIAM T WAYNE-ROME, NY	99
A2 GEORGE NOWICKI-UTICA, NY	98
B1 MICHAEL P DE SANTIS-UTICA, NY	97
B2 DURWARD MAC CRACKEN-DAVENPORT, NY	96
C1 BETTY SANDERSON-OTTAWA, ONT, CAN	93
D1 ANNE C KOMSA-WELLAND, ONT, CAN	91
D2 RALPH BARTO-NIAGARA FALLS, NY	90
28 GAUGE - 100 TARGETS - 84 ENTRIES
CH AA C A GUS SANDERSON-OTTAWA, ONT, CA	100
RU AA GARY BARBER-WILLIAMSON, NY	100
AA1 JOHN CALLAGHER-HUNTINGTON, CT	100
AA2 JERRY PRUETT-SHORTSVILLE, NY	99
A1 DALE W PATTERSON-FAIRPORT, NY	97
A2 JEROME J DI GIOVANNI-FAIRPORT, NY	97
B1 RAYMOND MAJKA-WHITESBORO, NY	97
B2 ANDREW NOWICKI-UTICA, NY	96
C1 PATRICK QUINN-ALBANY, NY	95
C2 ANNETTA E PLASS-AVOCA, NY	93
D1 WAYNE KOMSA-WELLAND, ONT, CAN	95
E1 RALPH BARTO-NIAGARA FALLS, NY	91
410 GAUGE - 100 TARGETS - 49 ENTRIES
CH AA RICHARD BECKER-PALMYRA, NY	98
RU A WILLIAM T WAYNE-ROME, NY	98
AA1 CRAIG T PARSONS-NEWARK, NY	98
